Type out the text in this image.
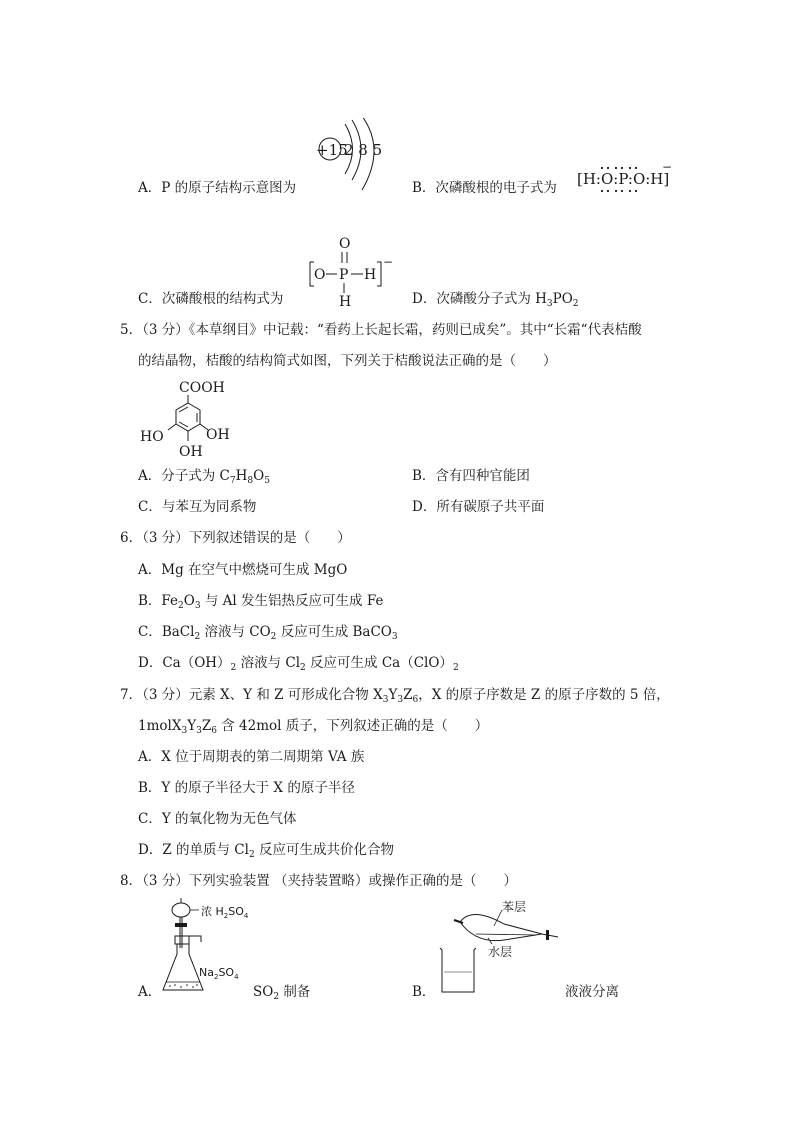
A．P 的原子结构示意图为
+15
2 8 5
B．次磷酸根的电子式为 [H:O:P:O:H]
−
C．次磷酸根的结构式为
O
O P H
−
H	D．次磷酸分子式为 $H_3PO_2$
5．（3 分）《本草纲目》中记载：“看药上长起长霜，药则已成矣”。其中“长霜“代表桔酸
的结晶物，桔酸的结构简式如图，下列关于桔酸说法正确的是（　　）
COOH
HO	OH
OH
A．分子式为 $C_7H_8O_5$	B．含有四种官能团
C．与苯互为同系物	D．所有碳原子共平面
6．（3 分）下列叙述错误的是（　　）
A．Mg 在空气中燃烧可生成 MgO
B．$Fe_2O_3$ 与 Al 发生铝热反应可生成 Fe
C．BaCl$_2$ 溶液与 $CO_2$ 反应可生成 BaCO$_3$
D．$Ca(OH)_2$ 溶液与 $Cl_2$ 反应可生成 $Ca(ClO)_2$
7．（3 分）元素 X、Y 和 Z 可形成化合物 $X_3Y_3Z_6$，X 的原子序数是 Z 的原子序数的 5 倍，
$1molX_3Y_3Z_6$ 含 42mol 质子，下列叙述正确的是（　　）
A．X 位于周期表的第二周期第 VA 族
B．Y 的原子半径大于 X 的原子半径
C．Y 的氧化物为无色气体
D．Z 的单质与 $Cl_2$ 反应可生成共价化合物
8．（3 分）下列实验装置 （夹持装置略）或操作正确的是（　　）
A．
浓 $H_2SO_4$
$Na_2SO_4$
$SO_2$ 制备	B．
苯层
水层
液液分离
